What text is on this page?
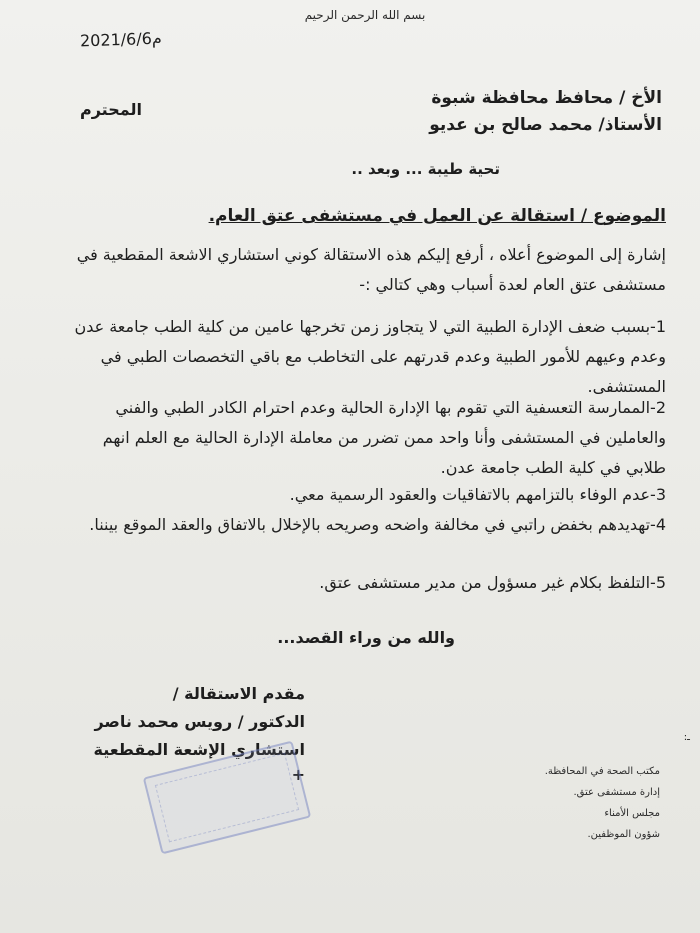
بسم الله الرحمن الرحيم
2021/6/6م
المحترم
الأخ / محافظ محافظة شبوة
الأستاذ/ محمد صالح بن عديو
تحية طيبة ... وبعد ..
الموضوع / استقالة عن العمل في مستشفى عتق العام.
إشارة إلى الموضوع أعلاه ، أرفع إليكم هذه الاستقالة كوني استشاري الاشعة المقطعية في مستشفى عتق العام لعدة أسباب وهي كتالي :-
1-بسبب ضعف الإدارة الطبية التي لا يتجاوز زمن تخرجها عامين من كلية الطب جامعة عدن وعدم وعيهم للأمور الطبية وعدم قدرتهم على التخاطب مع باقي التخصصات الطبي في المستشفى.
2-الممارسة التعسفية التي تقوم بها الإدارة الحالية وعدم احترام الكادر الطبي والفني والعاملين في المستشفى وأنا واحد ممن تضرر من معاملة الإدارة الحالية مع العلم انهم طلابي في كلية الطب جامعة عدن.
3-عدم الوفاء بالتزامهم بالاتفاقيات والعقود الرسمية معي.
4-تهديدهم بخفض راتبي في مخالفة واضحه وصريحه بالإخلال بالاتفاق والعقد الموقع بيننا.
5-التلفظ بكلام غير مسؤول من مدير مستشفى عتق.
والله من وراء القصد...
مقدم الاستقالة /
الدكتور / رويس محمد ناصر
استشاري الإشعة المقطعية
+
ـ:
مكتب الصحة في المحافظة.
إدارة مستشفى عتق.
مجلس الأمناء
شؤون الموظفين.
